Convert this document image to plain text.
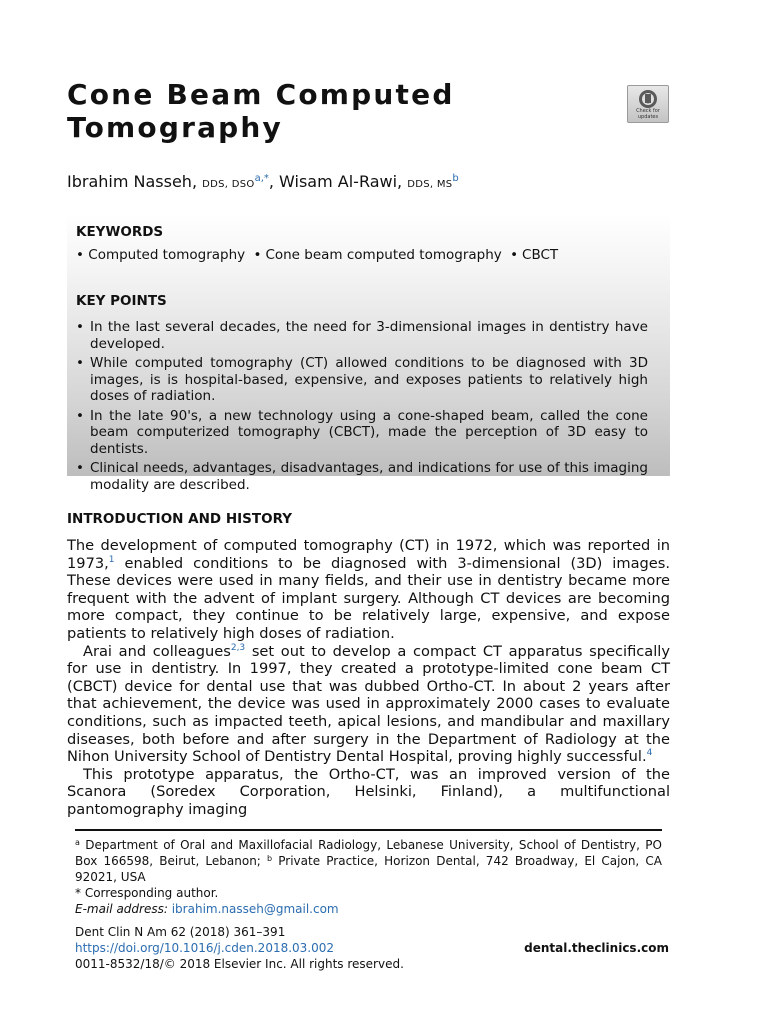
Cone Beam Computed
Tomography	Check for
updates
Ibrahim Nasseh, DDS, $DSO^{a,*}$, Wisam Al-Rawi, DDS, $MS^b$
KEYWORDS

• Computed tomography • Cone beam computed tomography • CBCT

KEY POINTS
• In the last several decades, the need for 3-dimensional images in dentistry have developed.
• While computed tomography (CT) allowed conditions to be diagnosed with 3D images, is is hospital-based, expensive, and exposes patients to relatively high doses of radiation.
• In the late 90's, a new technology using a cone-shaped beam, called the cone beam computerized tomography (CBCT), made the perception of 3D easy to dentists.
• Clinical needs, advantages, disadvantages, and indications for use of this imaging modality are described.
INTRODUCTION AND HISTORY

The development of computed tomography (CT) in 1972, which was reported in 1973,$^1$ enabled conditions to be diagnosed with 3-dimensional (3D) images. These devices were used in many fields, and their use in dentistry became more frequent with the advent of implant surgery. Although CT devices are becoming more compact, they continue to be relatively large, expensive, and expose patients to relatively high doses of radiation.

Arai and colleagues$^{2,3}$ set out to develop a compact CT apparatus specifically for use in dentistry. In 1997, they created a prototype-limited cone beam CT (CBCT) device for dental use that was dubbed Ortho-CT. In about 2 years after that achievement, the device was used in approximately 2000 cases to evaluate conditions, such as impacted teeth, apical lesions, and mandibular and maxillary diseases, both before and after surgery in the Department of Radiology at the Nihon University School of Dentistry Dental Hospital, proving highly successful.$^4$

This prototype apparatus, the Ortho-CT, was an improved version of the Scanora (Soredex Corporation, Helsinki, Finland), a multifunctional pantomography imaging

$^a$ Department of Oral and Maxillofacial Radiology, Lebanese University, School of Dentistry, PO Box 166598, Beirut, Lebanon; $^b$ Private Practice, Horizon Dental, 742 Broadway, El Cajon, CA 92021, USA

* Corresponding author.

E-mail address: ibrahim.nasseh@gmail.com

Dent Clin N Am 62 (2018) 361–391
https://doi.org/10.1016/j.cden.2018.03.002	dental.theclinics.com
0011-8532/18/© 2018 Elsevier Inc. All rights reserved.
